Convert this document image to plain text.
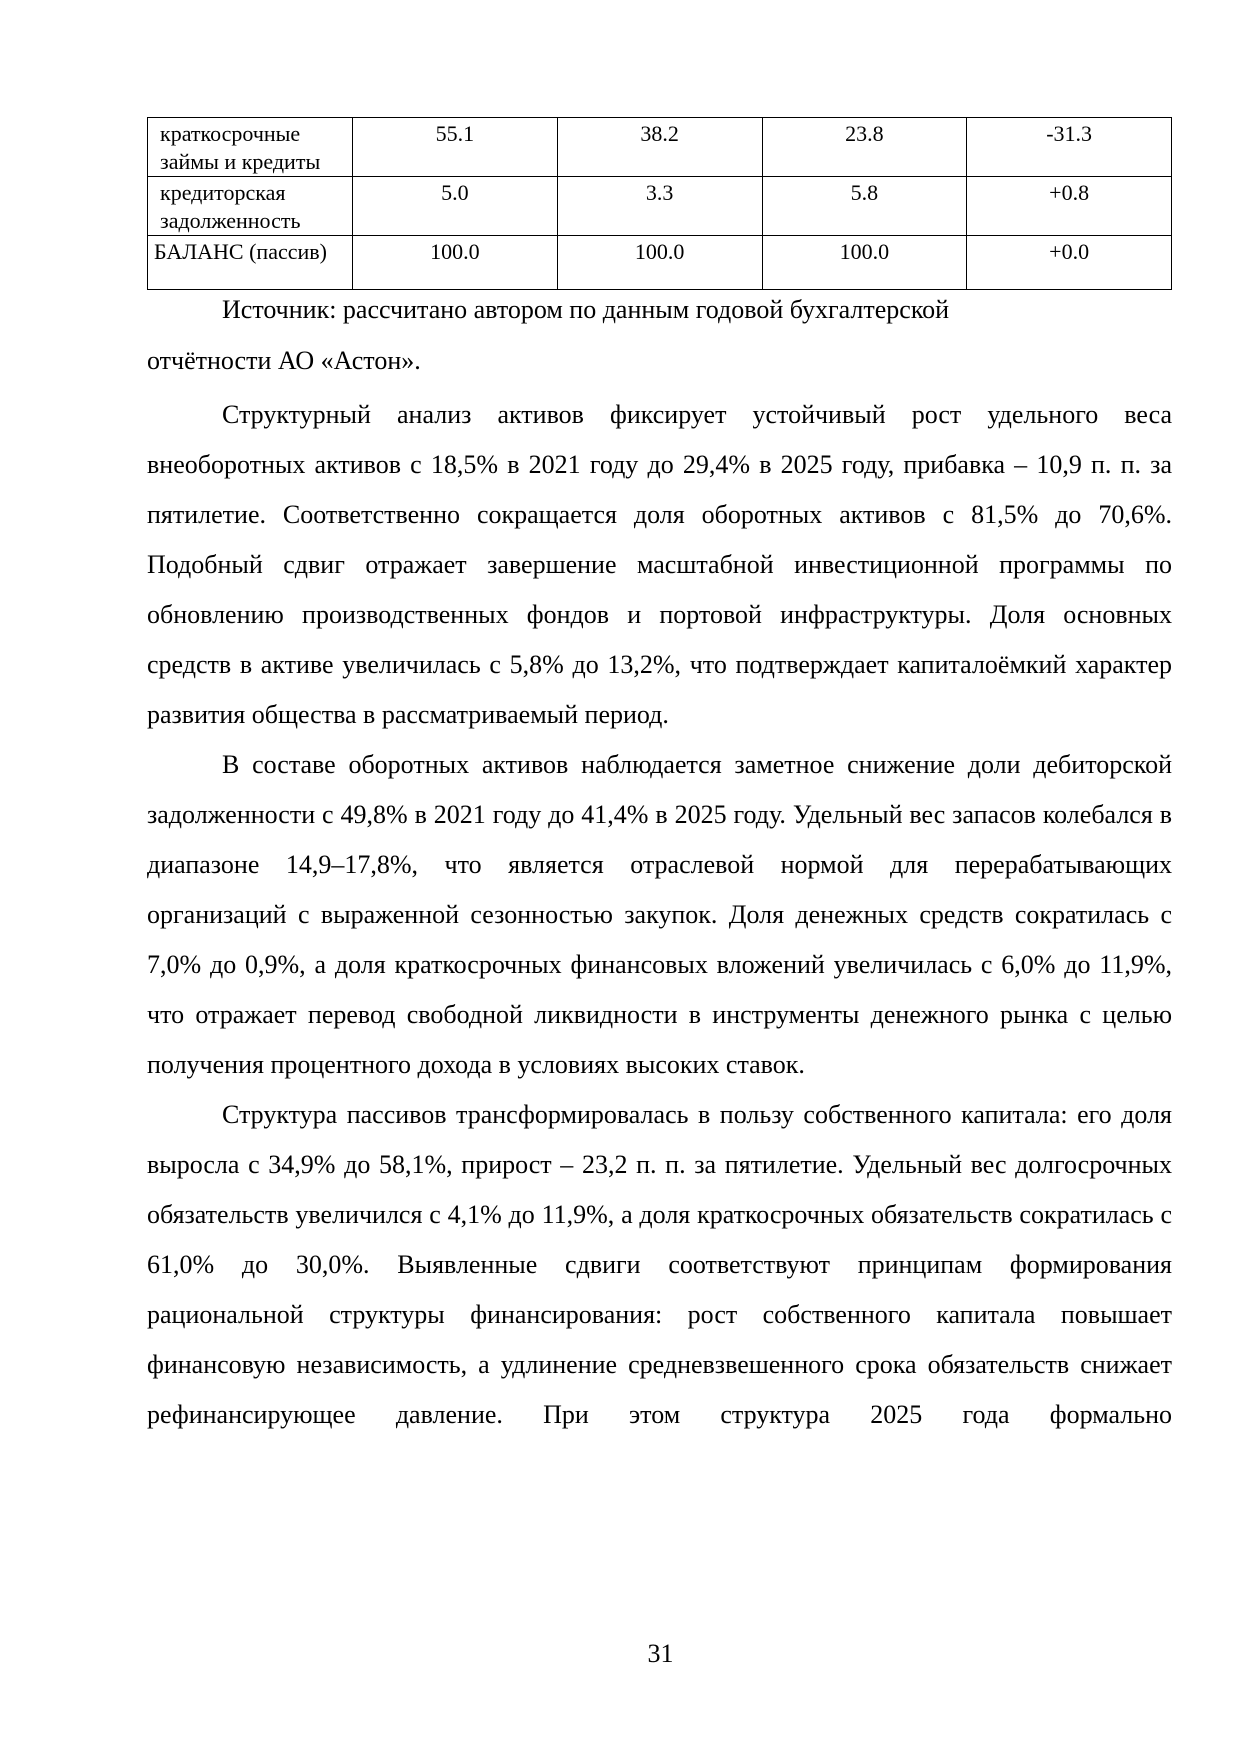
краткосрочные займы и кредиты	55.1	38.2	23.8	-31.3
кредиторская задолженность	5.0	3.3	5.8	+0.8
БАЛАНС (пассив)	100.0	100.0	100.0	+0.0
Источник: рассчитано автором по данным годовой бухгалтерской
отчётности АО «Астон».

Структурный анализ активов фиксирует устойчивый рост удельного веса внеоборотных активов с 18,5% в 2021 году до 29,4% в 2025 году, прибавка – 10,9 п. п. за пятилетие. Соответственно сокращается доля оборотных активов с 81,5% до 70,6%. Подобный сдвиг отражает завершение масштабной инвестиционной программы по обновлению производственных фондов и портовой инфраструктуры. Доля основных средств в активе увеличилась с 5,8% до 13,2%, что подтверждает капиталоёмкий характер развития общества в рассматриваемый период.

В составе оборотных активов наблюдается заметное снижение доли дебиторской задолженности с 49,8% в 2021 году до 41,4% в 2025 году. Удельный вес запасов колебался в диапазоне 14,9–17,8%, что является отраслевой нормой для перерабатывающих организаций с выраженной сезонностью закупок. Доля денежных средств сократилась с 7,0% до 0,9%, а доля краткосрочных финансовых вложений увеличилась с 6,0% до 11,9%, что отражает перевод свободной ликвидности в инструменты денежного рынка с целью получения процентного дохода в условиях высоких ставок.

Структура пассивов трансформировалась в пользу собственного капитала: его доля выросла с 34,9% до 58,1%, прирост – 23,2 п. п. за пятилетие. Удельный вес долгосрочных обязательств увеличился с 4,1% до 11,9%, а доля краткосрочных обязательств сократилась с 61,0% до 30,0%. Выявленные сдвиги соответствуют принципам формирования рациональной структуры финансирования: рост собственного капитала повышает финансовую независимость, а удлинение средневзвешенного срока обязательств снижает рефинансирующее давление. При этом структура 2025 года формально

31
